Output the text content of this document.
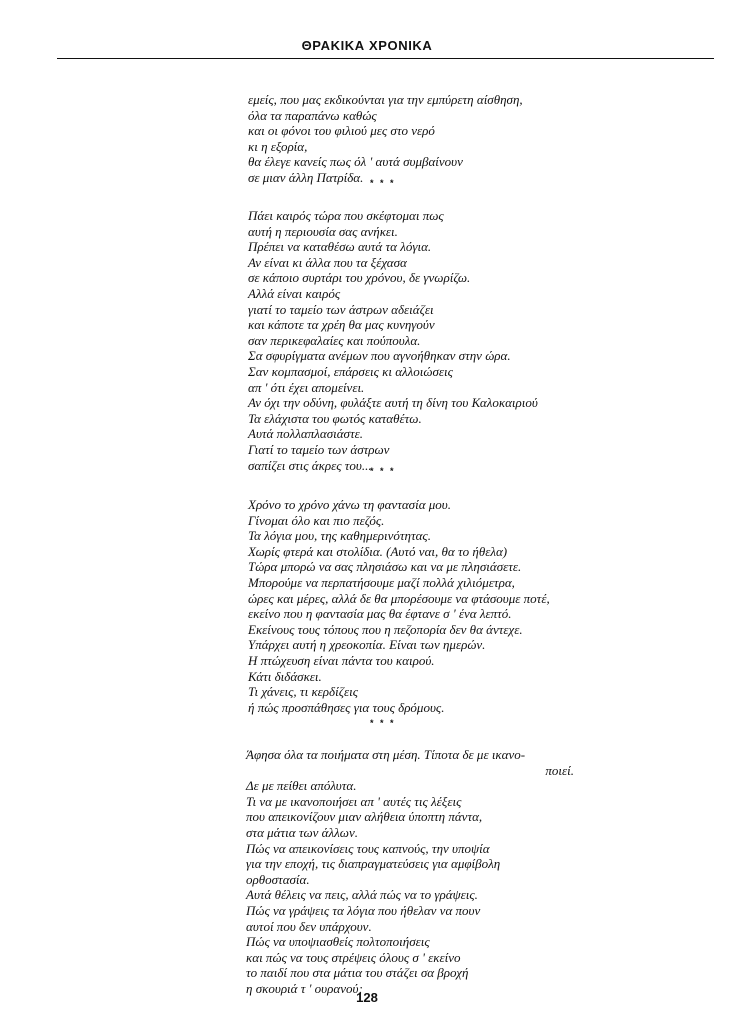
ΘΡΑΚΙΚΑ ΧΡΟΝΙΚΑ
εμείς, που μας εκδικούνται για την εμπύρετη αίσθηση,
όλα τα παραπάνω καθώς
και οι φόνοι του φιλιού μες στο νερό
κι η εξορία,
θα έλεγε κανείς πως όλ ' αυτά συμβαίνουν
σε μιαν άλλη Πατρίδα. * * *
Πάει καιρός τώρα που σκέφτομαι πως
αυτή η περιουσία σας ανήκει.
Πρέπει να καταθέσω αυτά τα λόγια.
Αν είναι κι άλλα που τα ξέχασα
σε κάποιο συρτάρι του χρόνου, δε γνωρίζω.
Αλλά είναι καιρός
γιατί το ταμείο των άστρων αδειάζει
και κάποτε τα χρέη θα μας κυνηγούν
σαν περικεφαλαίες και πούπουλα.
Σα σφυρίγματα ανέμων που αγνοήθηκαν στην ώρα.
Σαν κομπασμοί, επάρσεις κι αλλοιώσεις
απ ' ότι έχει απομείνει.
Αν όχι την οδύνη, φυλάξτε αυτή τη δίνη του Καλοκαιριού
Τα ελάχιστα του φωτός καταθέτω.
Αυτά πολλαπλασιάστε.
Γιατί το ταμείο των άστρων
σαπίζει στις άκρες του...
* * *
Χρόνο το χρόνο χάνω τη φαντασία μου.
Γίνομαι όλο και πιο πεζός.
Τα λόγια μου, της καθημερινότητας.
Χωρίς φτερά και στολίδια. (Αυτό ναι, θα το ήθελα)
Τώρα μπορώ να σας πλησιάσω και να με πλησιάσετε.
Μπορούμε να περπατήσουμε μαζί πολλά χιλιόμετρα,
ώρες και μέρες, αλλά δε θα μπορέσουμε να φτάσουμε ποτέ,
εκείνο που η φαντασία μας θα έφτανε σ ' ένα λεπτό.
Εκείνους τους τόπους που η πεζοπορία δεν θα άντεχε.
Υπάρχει αυτή η χρεοκοπία. Είναι των ημερών.
Η πτώχευση είναι πάντα του καιρού.
Κάτι διδάσκει.
Τι χάνεις, τι κερδίζεις
ή πώς προσπάθησες για τους δρόμους.
* * *
Άφησα όλα τα ποιήματα στη μέση. Τίποτα δε με ικανο-
ποιεί.
Δε με πείθει απόλυτα.
Τι να με ικανοποιήσει απ ' αυτές τις λέξεις
που απεικονίζουν μιαν αλήθεια ύποπτη πάντα,
στα μάτια των άλλων.
Πώς να απεικονίσεις τους καπνούς, την υποψία
για την εποχή, τις διαπραγματεύσεις για αμφίβολη
ορθοστασία.
Αυτά θέλεις να πεις, αλλά πώς να το γράψεις.
Πώς να γράψεις τα λόγια που ήθελαν να πουν
αυτοί που δεν υπάρχουν.
Πώς να υποψιασθείς πολτοποιήσεις
και πώς να τους στρέψεις όλους σ ' εκείνο
το παιδί που στα μάτια του στάζει σα βροχή
η σκουριά τ ' ουρανού;
128
